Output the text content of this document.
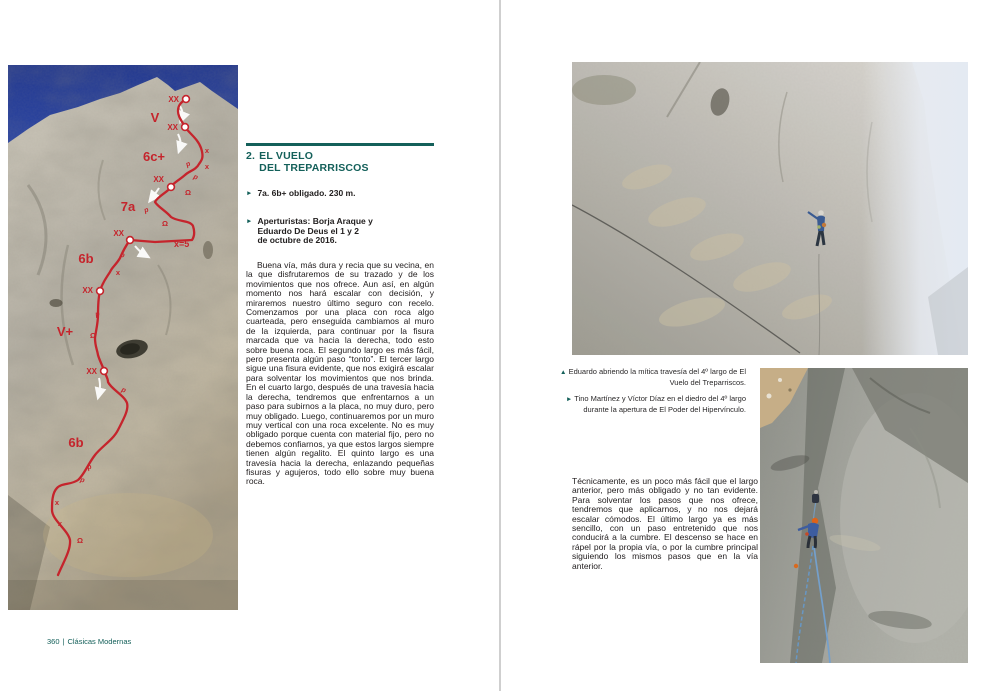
XX
XX
XX
XX
XX
XX
V
6c+
7a
6b
V+
6b
x=5
x
x
x
x
x
Ω
Ω
Ω
Ω
p
p
p
p
p
p
p
p
2. EL VUELO
DEL TREPARRISCOS
► 7a. 6b+ obligado. 230 m.
► Aperturistas: Borja Araque y
Eduardo De Deus el 1 y 2
de octubre de 2016.
Buena vía, más dura y recia que su vecina, en la que disfrutaremos de su trazado y de los movimientos que nos ofrece. Aun así, en algún momento nos hará escalar con decisión, y miraremos nuestro último seguro con recelo. Comenzamos por una placa con roca algo cuarteada, pero enseguida cambiamos al muro de la izquierda, para continuar por la fisura marcada que va hacia la derecha, todo esto sobre buena roca. El segundo largo es más fácil, pero presenta algún paso “tonto”. El tercer largo sigue una fisura evidente, que nos exigirá escalar para solventar los movimientos que nos brinda. En el cuarto largo, después de una travesía hacia la derecha, tendremos que enfrentarnos a un paso para subirnos a la placa, no muy duro, pero muy obligado. Luego, continuaremos por un muro muy vertical con una roca excelente. No es muy obligado porque cuenta con material fijo, pero no debemos confiarnos, ya que estos largos siempre tienen algún regalito. El quinto largo es una travesía hacia la derecha, enlazando pequeñas fisuras y agujeros, todo ello sobre muy buena roca.
360 | Clásicas Modernas
▲ Eduardo abriendo la mítica travesía del 4º largo de El Vuelo del Treparriscos.
► Tino Martínez y Víctor Díaz en el diedro del 4º largo durante la apertura de El Poder del Hipervínculo.
Técnicamente, es un poco más fácil que el largo anterior, pero más obligado y no tan evidente. Para solventar los pasos que nos ofrece, tendremos que aplicarnos, y no nos dejará escalar cómodos. El último largo ya es más sencillo, con un paso entretenido que nos conducirá a la cumbre. El descenso se hace en rápel por la propia vía, o por la cumbre principal siguiendo los mismos pasos que en la vía anterior.
